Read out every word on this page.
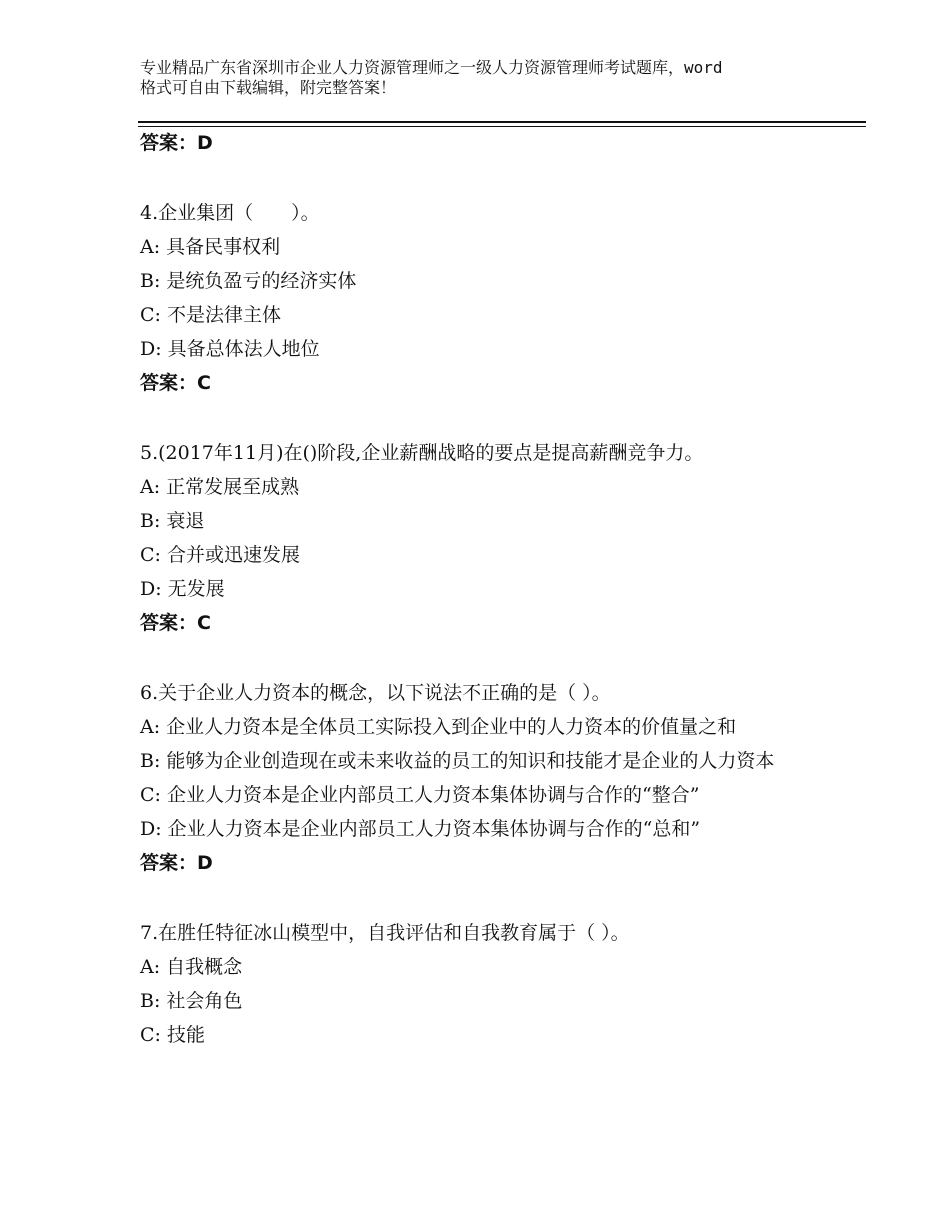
专业精品广东省深圳市企业人力资源管理师之一级人力资源管理师考试题库，word
格式可自由下载编辑，附完整答案！
答案：D
4.企业集团（　　）。
A: 具备民事权利
B: 是统负盈亏的经济实体
C: 不是法律主体
D: 具备总体法人地位
答案：C
5.(2017年11月)在()阶段,企业薪酬战略的要点是提高薪酬竞争力。
A: 正常发展至成熟
B: 衰退
C: 合并或迅速发展
D: 无发展
答案：C
6.关于企业人力资本的概念，以下说法不正确的是（ ）。
A: 企业人力资本是全体员工实际投入到企业中的人力资本的价值量之和
B: 能够为企业创造现在或未来收益的员工的知识和技能才是企业的人力资本
C: 企业人力资本是企业内部员工人力资本集体协调与合作的“整合”
D: 企业人力资本是企业内部员工人力资本集体协调与合作的“总和”
答案：D
7.在胜任特征冰山模型中，自我评估和自我教育属于（ ）。
A: 自我概念
B: 社会角色
C: 技能
